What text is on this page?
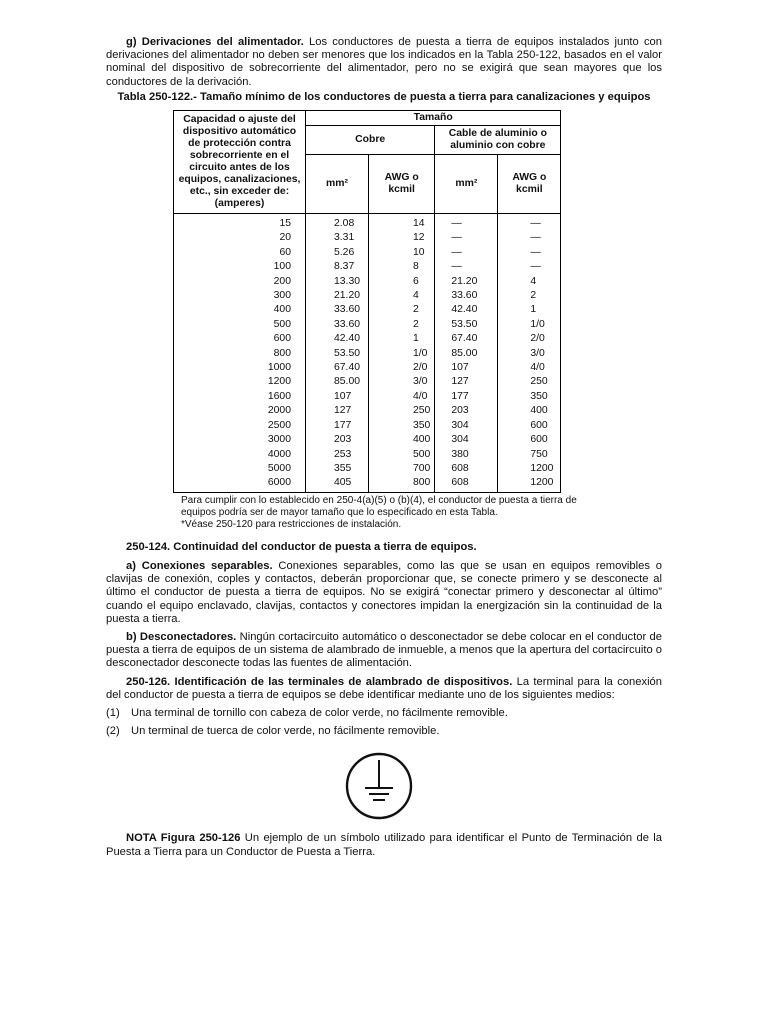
g) Derivaciones del alimentador. Los conductores de puesta a tierra de equipos instalados junto con derivaciones del alimentador no deben ser menores que los indicados en la Tabla 250-122, basados en el valor nominal del dispositivo de sobrecorriente del alimentador, pero no se exigirá que sean mayores que los conductores de la derivación.

Tabla 250-122.- Tamaño mínimo de los conductores de puesta a tierra para canalizaciones y equipos

Capacidad o ajuste del dispositivo automático de protección contra sobrecorriente en el circuito antes de los equipos, canalizaciones, etc., sin exceder de: (amperes)	Tamaño			
	Cobre		Cable de aluminio o aluminio con cobre	
	mm²	AWG o kcmil	mm²	AWG o kcmil
15	2.08	14	—	—
20	3.31	12	—	—
60	5.26	10	—	—
100	8.37	8	—	—
200	13.30	6	21.20	4
300	21.20	4	33.60	2
400	33.60	2	42.40	1
500	33.60	2	53.50	1/0
600	42.40	1	67.40	2/0
800	53.50	1/0	85.00	3/0
1000	67.40	2/0	107	4/0
1200	85.00	3/0	127	250
1600	107	4/0	177	350
2000	127	250	203	400
2500	177	350	304	600
3000	203	400	304	600
4000	253	500	380	750
5000	355	700	608	1200
6000	405	800	608	1200

Para cumplir con lo establecido en 250-4(a)(5) o (b)(4), el conductor de puesta a tierra de equipos podría ser de mayor tamaño que lo especificado en esta Tabla.

*Véase 250-120 para restricciones de instalación.

250-124. Continuidad del conductor de puesta a tierra de equipos.

a) Conexiones separables. Conexiones separables, como las que se usan en equipos removibles o clavijas de conexión, coples y contactos, deberán proporcionar que, se conecte primero y se desconecte al último el conductor de puesta a tierra de equipos. No se exigirá “conectar primero y desconectar al último” cuando el equipo enclavado, clavijas, contactos y conectores impidan la energización sin la continuidad de la puesta a tierra.

b) Desconectadores. Ningún cortacircuito automático o desconectador se debe colocar en el conductor de puesta a tierra de equipos de un sistema de alambrado de inmueble, a menos que la apertura del cortacircuito o desconectador desconecte todas las fuentes de alimentación.

250-126. Identificación de las terminales de alambrado de dispositivos. La terminal para la conexión del conductor de puesta a tierra de equipos se debe identificar mediante uno de los siguientes medios:

(1)	Una terminal de tornillo con cabeza de color verde, no fácilmente removible.
(2)	Un terminal de tuerca de color verde, no fácilmente removible.

NOTA Figura 250-126 Un ejemplo de un símbolo utilizado para identificar el Punto de Terminación de la Puesta a Tierra para un Conductor de Puesta a Tierra.
